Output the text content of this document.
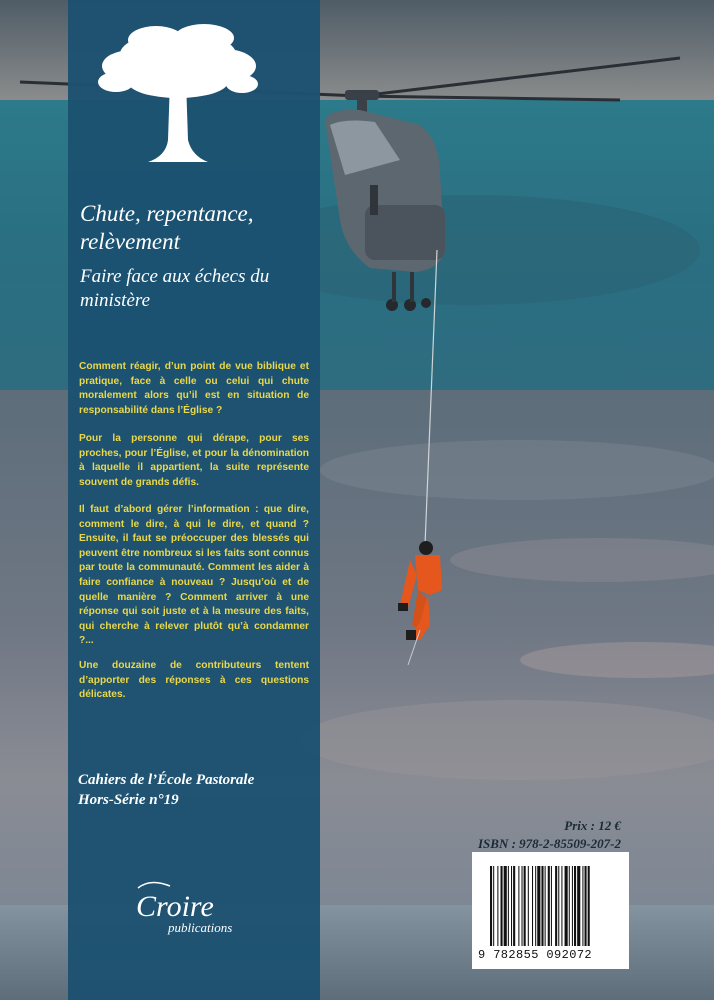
Chute, repentance, relèvement
Faire face aux échecs du ministère
Comment réagir, d’un point de vue biblique et pratique, face à celle ou celui qui chute moralement alors qu’il est en situation de responsabilité dans l’Église ?
Pour la personne qui dérape, pour ses proches, pour l’Église, et pour la dénomination à laquelle il appartient, la suite représente souvent de grands défis.
Il faut d’abord gérer l’information : que dire, comment le dire, à qui le dire, et quand ? Ensuite, il faut se préoccuper des blessés qui peuvent être nombreux si les faits sont connus par toute la communauté. Comment les aider à faire confiance à nouveau ? Jusqu’où et de quelle manière ? Comment arriver à une réponse qui soit juste et à la mesure des faits, qui cherche à relever plutôt qu’à condamner ?...
Une douzaine de contributeurs tentent d’apporter des réponses à ces questions délicates.
Cahiers de l’École Pastorale
Hors-Série n°19
Croire
publications
Prix : 12 €
ISBN : 978-2-85509-207-2
9 782855 092072
